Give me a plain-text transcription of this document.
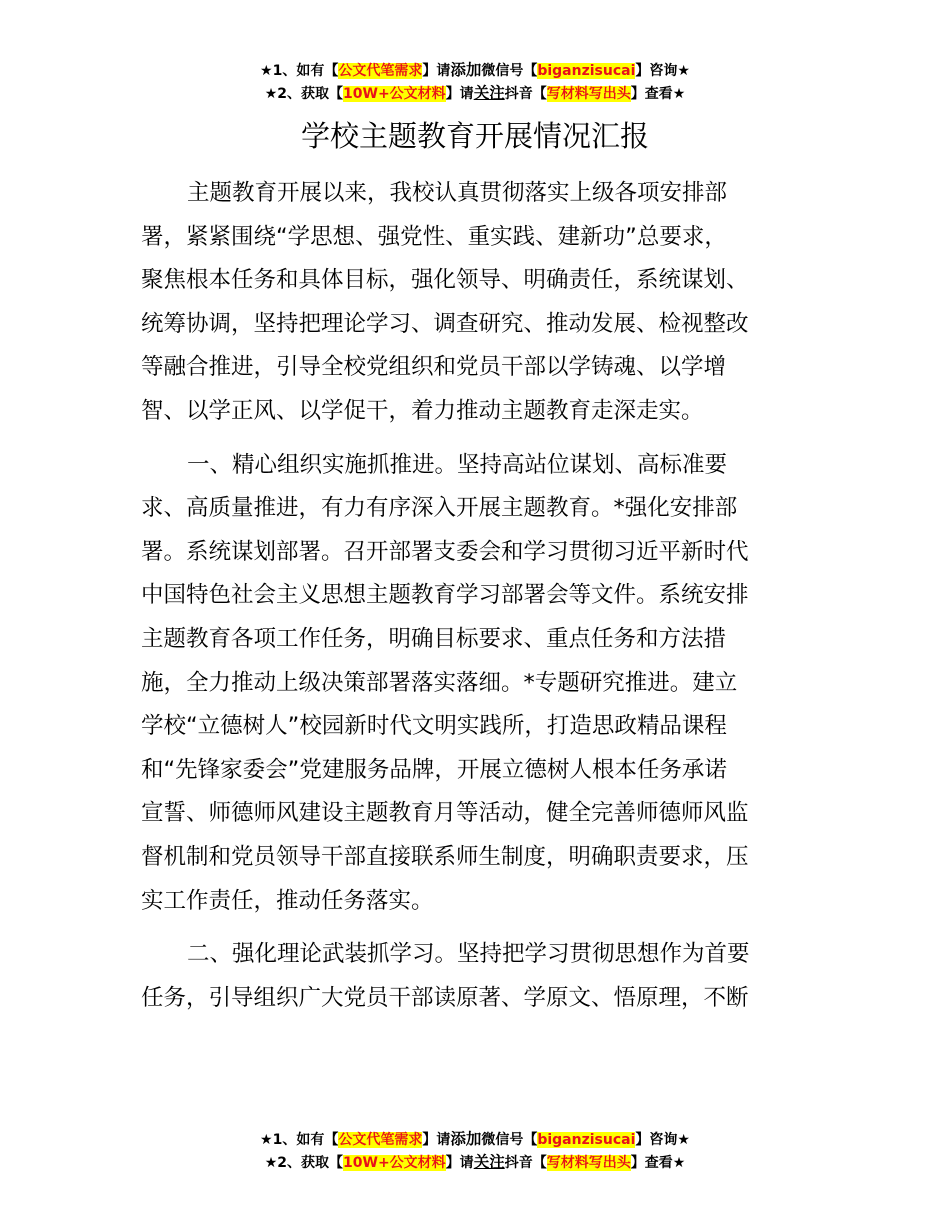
★1、如有【公文代笔需求】请添加微信号【biganzisucai】咨询★
★2、获取【10W+公文材料】请关注抖音【写材料写出头】查看★
学校主题教育开展情况汇报
主题教育开展以来，我校认真贯彻落实上级各项安排部
署，紧紧围绕“学思想、强党性、重实践、建新功”总要求，
聚焦根本任务和具体目标，强化领导、明确责任，系统谋划、
统筹协调，坚持把理论学习、调查研究、推动发展、检视整改
等融合推进，引导全校党组织和党员干部以学铸魂、以学增
智、以学正风、以学促干，着力推动主题教育走深走实。
一、精心组织实施抓推进。坚持高站位谋划、高标准要
求、高质量推进，有力有序深入开展主题教育。*强化安排部
署。系统谋划部署。召开部署支委会和学习贯彻习近平新时代
中国特色社会主义思想主题教育学习部署会等文件。系统安排
主题教育各项工作任务，明确目标要求、重点任务和方法措
施，全力推动上级决策部署落实落细。*专题研究推进。建立
学校“立德树人”校园新时代文明实践所，打造思政精品课程
和“先锋家委会”党建服务品牌，开展立德树人根本任务承诺
宣誓、师德师风建设主题教育月等活动，健全完善师德师风监
督机制和党员领导干部直接联系师生制度，明确职责要求，压
实工作责任，推动任务落实。
二、强化理论武装抓学习。坚持把学习贯彻思想作为首要
任务，引导组织广大党员干部读原著、学原文、悟原理，不断
★1、如有【公文代笔需求】请添加微信号【biganzisucai】咨询★
★2、获取【10W+公文材料】请关注抖音【写材料写出头】查看★
